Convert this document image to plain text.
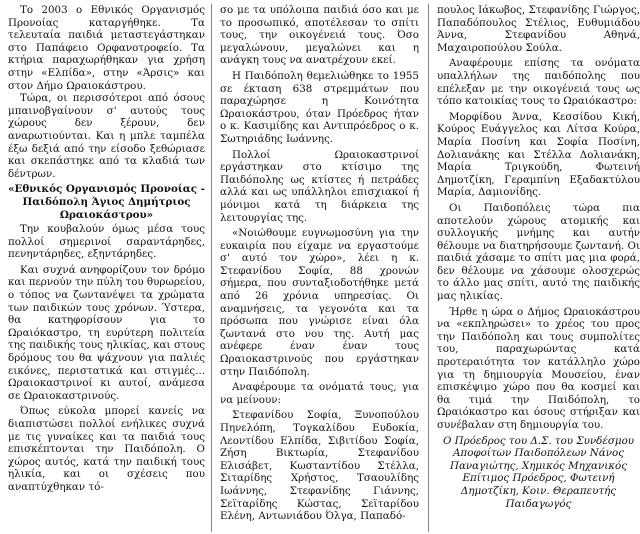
Το 2003 ο Εθνικός Οργανισμός Προνοίας καταργήθηκε. Τα τελευταία παιδιά μεταστεγάστηκαν στο Παπάφειο Ορφανοτροφείο. Τα κτήρια παραχωρήθηκαν για χρήση στην «Ελπίδα», στην «Άρσις» και στον Δήμο Ωραιοκάστρου.

Τώρα, οι περισσότεροι από όσους μπαινοβγαίνουν σ' αυτούς τους χώρους δεν ξέρουν, δεν αναρωτιούνται. Και η μπλε ταμπέλα έξω δεξιά από την είσοδο ξεθώριασε και σκεπάστηκε από τα κλαδιά των δέντρων.

«Εθνικός Οργανισμός Προνοίας - Παιδόπολη Άγιος Δημήτριος Ωραιοκάστρου»

Την κουβαλούν όμως μέσα τους πολλοί σημερινοί σαραντάρηδες, πενηντάρηδες, εξηντάρηδες.

Και συχνά ανηφορίζουν τον δρόμο και περνούν την πύλη του θυρωρείου, ο τόπος να ζωντανέψει τα χρώματα των παιδικών τους χρόνων. Ύστερα, θα κατηφορίσουν για το Ωραιόκαστρο, τη ευρύτερη πολιτεία της παιδικής τους ηλικίας, και στους δρόμους του θα ψάχνουν για παλιές εικόνες, περιστατικά και στιγμές... Ωραιοκαστρινοί κι αυτοί, ανάμεσα σε Ωραιοκαστρινούς.

Όπως εύκολα μπορεί κανείς να διαπιστώσει πολλοί ενήλικες συχνά με τις γυναίκες και τα παιδιά τους επισκέπτονται την Παιδόπολη. Ο χώρος αυτός, κατά την παιδική τους ηλικία, και οι σχέσεις που αναπτύχθηκαν τό-

σο με τα υπόλοιπα παιδιά όσο και με το προσωπικό, αποτέλεσαν το σπίτι τους, την οικογένειά τους. Όσο μεγαλώνουν, μεγαλώνει και η ανάγκη τους να ανατρέχουν εκεί.

Η Παιδόπολη θεμελιώθηκε το 1955 σε έκταση 638 στρεμμάτων που παραχώρησε η Κοινότητα Ωραιοκάστρου, όταν Πρόεδρος ήταν ο κ. Κασιμίδης και Αντιπρόεδρος ο κ. Σωτηριάδης Ιωάννης.

Πολλοί Ωραιοκαστρινοί εργάστηκαν στο κτίσιμο της Παιδόπολης ως κτίστες ή πετράδες αλλά και ως υπάλληλοι επισχιακοί ή μόνιμοι κατά τη διάρκεια της λειτουργίας της.

«Νοιώθουμε ευγνωμοσύνη για την ευκαιρία που είχαμε να εργαστούμε σ' αυτό τον χώρο», λέει η κ. Στεφανίδου Σοφία, 88 χρονών σήμερα, που συνταξιοδοτήθηκε μετά από 26 χρόνια υπηρεσίας. Οι αναμνήσεις, τα γεγονότα και τα πρόσωπα που γνώρισε είναι όλα ζωντανά στο νου της. Αυτή μας ανέφερε έναν έναν τους Ωραιοκαστρινούς που εργάστηκαν στην Παιδόπολη.

Αναφέρουμε τα ονόματά τους, για να μείνουν:

Στεφανίδου Σοφία, Ξυνοπούλου Πηνελόπη, Τογκαλίδου Ευδοκία, Λεοντίδου Ελπίδα, Σιβιτίδου Σοφία, Ζήση Βικτωρία, Στεφανίδου Ελισάβετ, Κωσταντίδου Στέλλα, Σιταρίδης Χρήστος, Τσαουλίδης Ιωάννης, Στεφανίδης Γιάννης, Σεϊταρίδης Κώστας, Σεϊταρίδου Ελένη, Αντωνιάδου Όλγα, Παπαδό-

πουλος Ιάκωβος, Στεφανίδης Γιώργος, Παπαδόπουλος Στέλιος, Ευθυμιάδου Άννα, Στεφανίδου Αθηνά, Μαχαιροπούλου Σούλα.

Αναφέρουμε επίσης τα ονόματα υπαλλήλων της παιδόπολης που επέλεξαν με την οικογένειά τους ως τόπο κατοικίας τους το Ωραιόκαστρο:

Μορφίδου Άννα, Κεσσίδου Κική, Κούρος Ευάγγελος και Λίτσα Κούρα, Μαρία Ποσίνη και Σοφία Ποσίνη, Δολιανάκης και Στέλλα Δολιανάκη, Μαρία Τριγκούδη, Φωτεινή Δημοτζίκη, Γεραμπίνη Εξαδακτύλου Μαρία, Δαμιονίδης.

Οι Παιδοπόλεις τώρα πια αποτελούν χώρους ατομικής και συλλογικής μνήμης και αυτήν θέλουμε να διατηρήσουμε ζωντανή. Οι παιδιά χάσαμε το σπίτι μας μια φορά, δεν θέλουμε να χάσουμε ολοσχερώς το άλλο μας σπίτι, αυτό της παιδικής μας ηλικίας.

Ήρθε η ώρα ο Δήμος Ωραιοκάστρου να «εκπληρώσει» το χρέος του προς την Παιδόπολη και τους συμπολίτες του, παραχωρώντας κατά προτεραιότητα τον κατάλληλο χώρο για τη δημιουργία Μουσείου, έναν επισκέψιμο χώρο που θα κοσμεί και θα τιμά την Παιδόπολη, το Ωραιόκαστρο και όσους στήριξαν και συνέβαλαν στη δημιουργία του.

Ο Πρόεδρος του Δ.Σ. του Συνδέσμου Αποφοίτων Παιδοπόλεων Νάνος Παναγιώτης, Χημικός Μηχανικός

Επίτιμος Πρόεδρος, Φωτεινή Δημοτζίκη, Κοιν. Θεραπευτής Παιδαγωγός
